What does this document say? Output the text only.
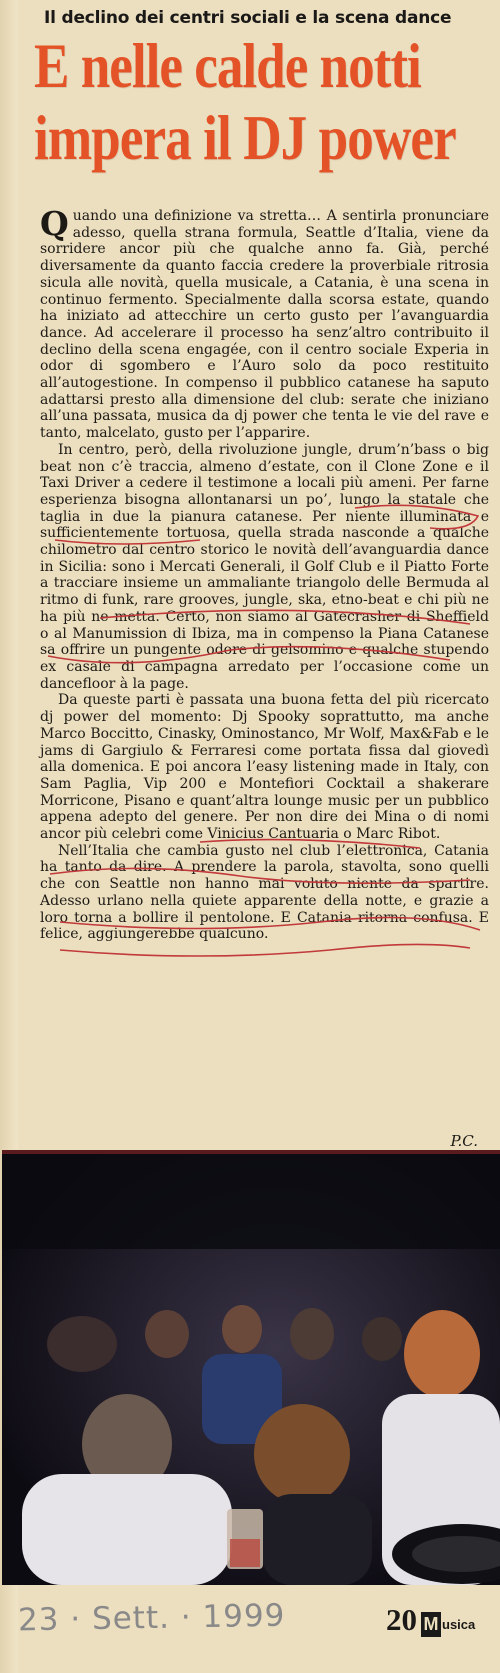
Il declino dei centri sociali e la scena dance
E nelle calde notti
impera il DJ power

Quando una definizione va stretta… A sentirla pronunciare adesso, quella strana formula, Seattle d’Italia, viene da sorridere ancor più che qualche anno fa. Già, perché diversamente da quanto faccia credere la proverbiale ritrosia sicula alle novità, quella musicale, a Catania, è una scena in continuo fermento. Specialmente dalla scorsa estate, quando ha iniziato ad attecchire un certo gusto per l’avanguardia dance. Ad accelerare il processo ha senz’altro contribuito il declino della scena engagée, con il centro sociale Experia in odor di sgombero e l’Auro solo da poco restituito all’autogestione. In compenso il pubblico catanese ha saputo adattarsi presto alla dimensione del club: serate che iniziano all’una passata, musica da dj power che tenta le vie del rave e tanto, malcelato, gusto per l’apparire.

In centro, però, della rivoluzione jungle, drum’n’bass o big beat non c’è traccia, almeno d’estate, con il Clone Zone e il Taxi Driver a cedere il testimone a locali più ameni. Per farne esperienza bisogna allontanarsi un po’, lungo la statale che taglia in due la pianura catanese. Per niente illuminata e sufficientemente tortuosa, quella strada nasconde a qualche chilometro dal centro storico le novità dell’avanguardia dance in Sicilia: sono i Mercati Generali, il Golf Club e il Piatto Forte a tracciare insieme un ammaliante triangolo delle Bermuda al ritmo di funk, rare grooves, jungle, ska, etno-beat e chi più ne ha più ne metta. Certo, non siamo al Gatecrasher di Sheffield o al Manumission di Ibiza, ma in compenso la Piana Catanese sa offrire un pungente odore di gelsomino e qualche stupendo ex casale di campagna arredato per l’occasione come un dancefloor à la page.

Da queste parti è passata una buona fetta del più ricercato dj power del momento: Dj Spooky soprattutto, ma anche Marco Boccitto, Cinasky, Ominostanco, Mr Wolf, Max&Fab e le jams di Gargiulo & Ferraresi come portata fissa dal giovedì alla domenica. E poi ancora l’easy listening made in Italy, con Sam Paglia, Vip 200 e Montefiori Cocktail a shakerare Morricone, Pisano e quant’altra lounge music per un pubblico appena adepto del genere. Per non dire dei Mina o di nomi ancor più celebri come Vinicius Cantuaria o Marc Ribot.

Nell’Italia che cambia gusto nel club l’elettronica, Catania ha tanto da dire. A prendere la parola, stavolta, sono quelli che con Seattle non hanno mai voluto niente da spartire. Adesso urlano nella quiete apparente della notte, e grazie a loro torna a bollire il pentolone. E Catania ritorna confusa. E felice, aggiungerebbe qualcuno.

P.C.
23 · Sett. · 1999	20 M usica
